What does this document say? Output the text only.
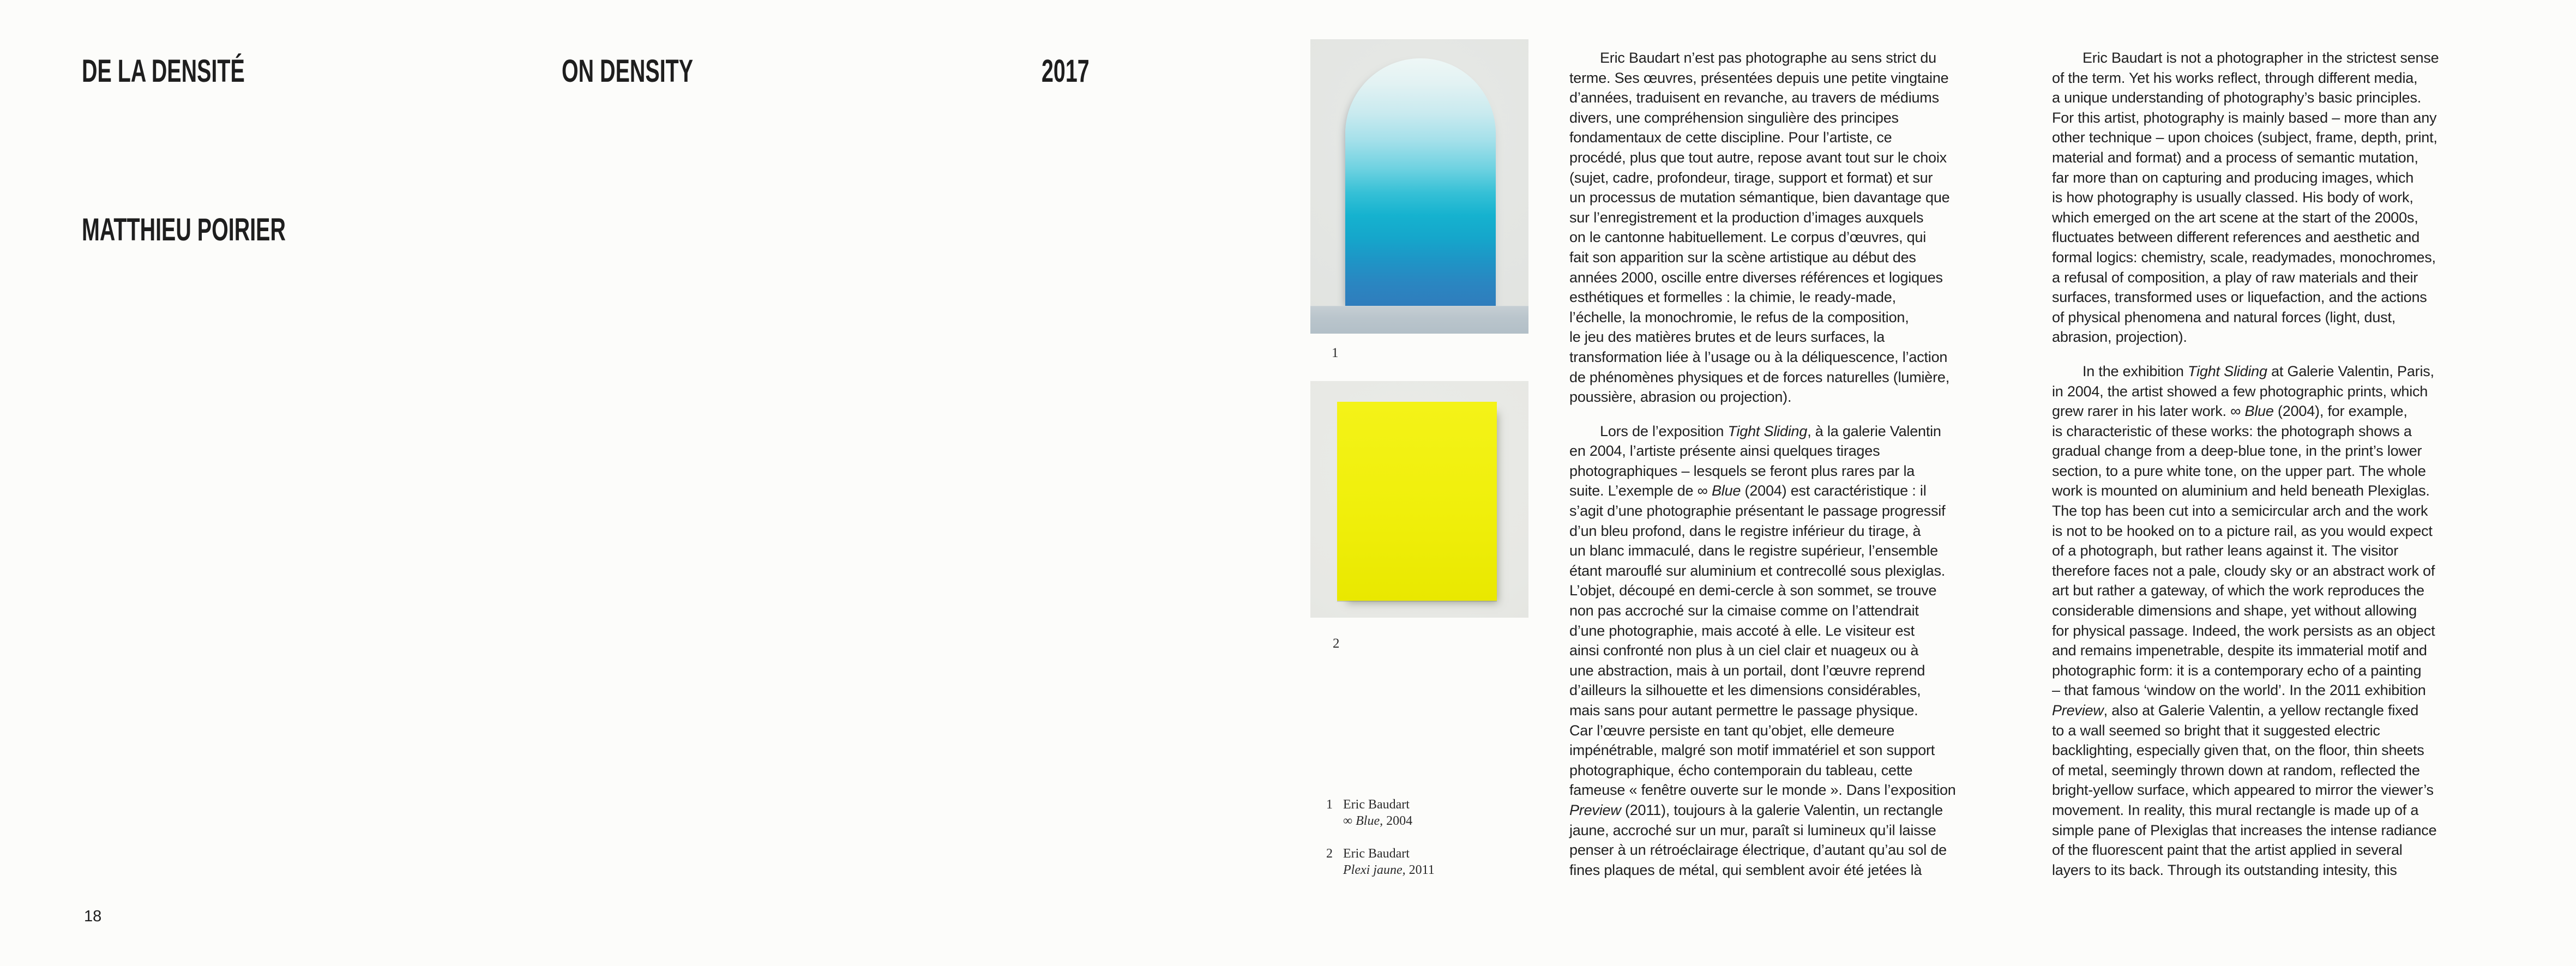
DE LA DENSITÉ	ON DENSITY	2017
MATTHIEU POIRIER
18
1
2
1 Eric Baudart
∞ Blue, 2004
2 Eric Baudart
Plexi jaune, 2011

Eric Baudart n’est pas photographe au sens strict du
terme. Ses œuvres, présentées depuis une petite vingtaine
d’années, traduisent en revanche, au travers de médiums
divers, une compréhension singulière des principes
fondamentaux de cette discipline. Pour l’artiste, ce
procédé, plus que tout autre, repose avant tout sur le choix
(sujet, cadre, profondeur, tirage, support et format) et sur
un processus de mutation sémantique, bien davantage que
sur l’enregistrement et la production d’images auxquels
on le cantonne habituellement. Le corpus d’œuvres, qui
fait son apparition sur la scène artistique au début des
années 2000, oscille entre diverses références et logiques
esthétiques et formelles : la chimie, le ready-made,
l’échelle, la monochromie, le refus de la composition,
le jeu des matières brutes et de leurs surfaces, la
transformation liée à l’usage ou à la déliquescence, l’action
de phénomènes physiques et de forces naturelles (lumière,
poussière, abrasion ou projection).

Lors de l’exposition Tight Sliding, à la galerie Valentin
en 2004, l’artiste présente ainsi quelques tirages
photographiques – lesquels se feront plus rares par la
suite. L’exemple de ∞ Blue (2004) est caractéristique : il
s’agit d’une photographie présentant le passage progressif
d’un bleu profond, dans le registre inférieur du tirage, à
un blanc immaculé, dans le registre supérieur, l’ensemble
étant marouflé sur aluminium et contrecollé sous plexiglas.
L’objet, découpé en demi-cercle à son sommet, se trouve
non pas accroché sur la cimaise comme on l’attendrait
d’une photographie, mais accoté à elle. Le visiteur est
ainsi confronté non plus à un ciel clair et nuageux ou à
une abstraction, mais à un portail, dont l’œuvre reprend
d’ailleurs la silhouette et les dimensions considérables,
mais sans pour autant permettre le passage physique.
Car l’œuvre persiste en tant qu’objet, elle demeure
impénétrable, malgré son motif immatériel et son support
photographique, écho contemporain du tableau, cette
fameuse « fenêtre ouverte sur le monde ». Dans l’exposition
Preview (2011), toujours à la galerie Valentin, un rectangle
jaune, accroché sur un mur, paraît si lumineux qu’il laisse
penser à un rétroéclairage électrique, d’autant qu’au sol de
fines plaques de métal, qui semblent avoir été jetées là

Eric Baudart is not a photographer in the strictest sense
of the term. Yet his works reflect, through different media,
a unique understanding of photography’s basic principles.
For this artist, photography is mainly based – more than any
other technique – upon choices (subject, frame, depth, print,
material and format) and a process of semantic mutation,
far more than on capturing and producing images, which
is how photography is usually classed. His body of work,
which emerged on the art scene at the start of the 2000s,
fluctuates between different references and aesthetic and
formal logics: chemistry, scale, readymades, monochromes,
a refusal of composition, a play of raw materials and their
surfaces, transformed uses or liquefaction, and the actions
of physical phenomena and natural forces (light, dust,
abrasion, projection).

In the exhibition Tight Sliding at Galerie Valentin, Paris,
in 2004, the artist showed a few photographic prints, which
grew rarer in his later work. ∞ Blue (2004), for example,
is characteristic of these works: the photograph shows a
gradual change from a deep-blue tone, in the print’s lower
section, to a pure white tone, on the upper part. The whole
work is mounted on aluminium and held beneath Plexiglas.
The top has been cut into a semicircular arch and the work
is not to be hooked on to a picture rail, as you would expect
of a photograph, but rather leans against it. The visitor
therefore faces not a pale, cloudy sky or an abstract work of
art but rather a gateway, of which the work reproduces the
considerable dimensions and shape, yet without allowing
for physical passage. Indeed, the work persists as an object
and remains impenetrable, despite its immaterial motif and
photographic form: it is a contemporary echo of a painting
– that famous ‘window on the world’. In the 2011 exhibition
Preview, also at Galerie Valentin, a yellow rectangle fixed
to a wall seemed so bright that it suggested electric
backlighting, especially given that, on the floor, thin sheets
of metal, seemingly thrown down at random, reflected the
bright-yellow surface, which appeared to mirror the viewer’s
movement. In reality, this mural rectangle is made up of a
simple pane of Plexiglas that increases the intense radiance
of the fluorescent paint that the artist applied in several
layers to its back. Through its outstanding intesity, this
